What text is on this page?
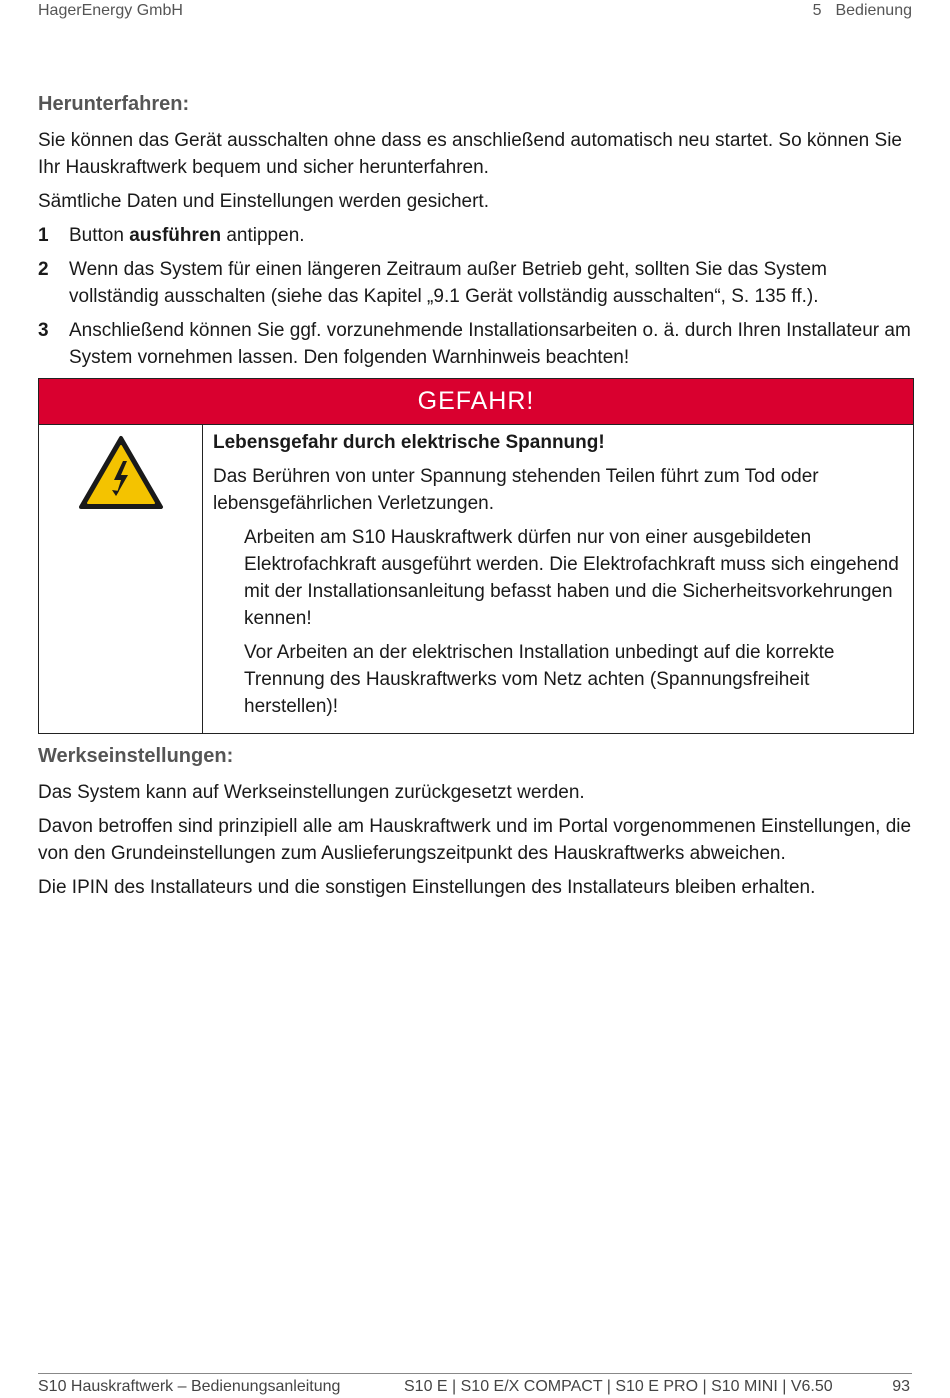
HagerEnergy GmbH	5 Bedienung
Herunterfahren:

Sie können das Gerät ausschalten ohne dass es anschließend automatisch neu startet. So können Sie Ihr Hauskraftwerk bequem und sicher herunterfahren.

Sämtliche Daten und Einstellungen werden gesichert.

1 Button ausführen antippen.
2 Wenn das System für einen längeren Zeitraum außer Betrieb geht, sollten Sie das System vollständig ausschalten (siehe das Kapitel „9.1 Gerät vollständig ausschalten“, S. 135 ff.).
3 Anschließend können Sie ggf. vorzunehmende Installationsarbeiten o. ä. durch Ihren Installateur am System vornehmen lassen. Den folgenden Warnhinweis beachten!
GEFAHR!
Lebensgefahr durch elektrische Spannung!

Das Berühren von unter Spannung stehenden Teilen führt zum Tod oder lebensgefährlichen Verletzungen.

Arbeiten am S10 Hauskraftwerk dürfen nur von einer ausgebildeten Elektrofachkraft ausgeführt werden. Die Elektrofachkraft muss sich eingehend mit der Installationsanleitung befasst haben und die Sicherheitsvorkehrungen kennen!
Vor Arbeiten an der elektrischen Installation unbedingt auf die korrekte Trennung des Hauskraftwerks vom Netz achten (Spannungsfreiheit herstellen)!
Werkseinstellungen:

Das System kann auf Werkseinstellungen zurückgesetzt werden.

Davon betroffen sind prinzipiell alle am Hauskraftwerk und im Portal vorgenommenen Einstellungen, die von den Grundeinstellungen zum Auslieferungszeitpunkt des Hauskraftwerks abweichen.

Die IPIN des Installateurs und die sonstigen Einstellungen des Installateurs bleiben erhalten.

S10 Hauskraftwerk – Bedienungsanleitung	S10 E | S10 E/X COMPACT | S10 E PRO | S10 MINI | V6.50	93
